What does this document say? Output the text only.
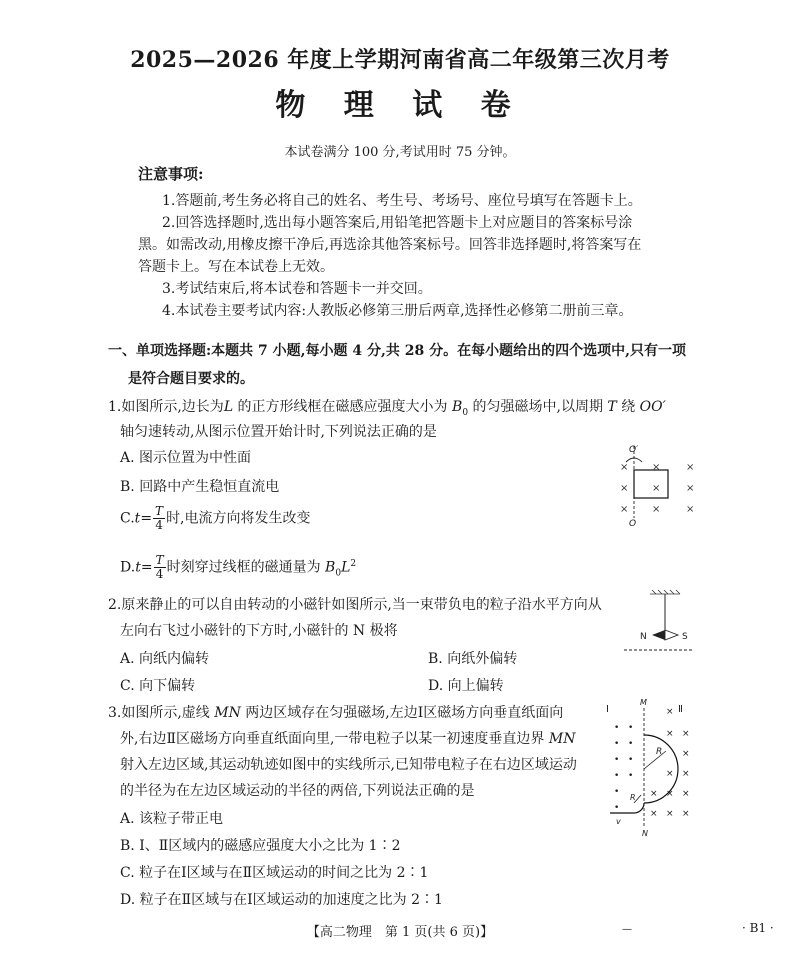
2025—2026 年度上学期河南省高二年级第三次月考
物 理 试 卷
本试卷满分 100 分,考试用时 75 分钟。
注意事项:
1.答题前,考生务必将自己的姓名、考生号、考场号、座位号填写在答题卡上。
2.回答选择题时,选出每小题答案后,用铅笔把答题卡上对应题目的答案标号涂
黑。如需改动,用橡皮擦干净后,再选涂其他答案标号。回答非选择题时,将答案写在
答题卡上。写在本试卷上无效。
3.考试结束后,将本试卷和答题卡一并交回。
4.本试卷主要考试内容:人教版必修第三册后两章,选择性必修第二册前三章。
一、单项选择题:本题共 7 小题,每小题 4 分,共 28 分。在每小题给出的四个选项中,只有一项
是符合题目要求的。
1.如图所示,边长为L 的正方形线框在磁感应强度大小为 $B_0$ 的匀强磁场中,以周期 T 绕 OO′
轴匀速转动,从图示位置开始计时,下列说法正确的是
A. 图示位置为中性面
B. 回路中产生稳恒直流电
$C.t= \frac{T}{4}$ 时,电流方向将发生改变
$D.t= \frac{T}{4}$ 时刻穿过线框的磁通量为 $B_0L^2$
×
×
×
×
×
×
×
×
×
O′
O
2.原来静止的可以自由转动的小磁针如图所示,当一束带负电的粒子沿水平方向从
左向右飞过小磁针的下方时,小磁针的 N 极将
A. 向纸内偏转	B. 向纸外偏转
C. 向下偏转	D. 向上偏转
N	S
3.如图所示,虚线 MN 两边区域存在匀强磁场,左边Ⅰ区磁场方向垂直纸面向
外,右边Ⅱ区磁场方向垂直纸面向里,一带电粒子以某一初速度垂直边界 MN
射入左边区域,其运动轨迹如图中的实线所示,已知带电粒子在右边区域运动
的半径为在左边区域运动的半径的两倍,下列说法正确的是
A. 该粒子带正电
B. Ⅰ、Ⅱ区域内的磁感应强度大小之比为 1∶2
C. 粒子在Ⅰ区域与在Ⅱ区域运动的时间之比为 2∶1
D. 粒子在Ⅱ区域与在Ⅰ区域运动的加速度之比为 2∶1
Ⅰ	Ⅱ
M
N
• •
• •
• •
• •
•
•
×
× ×
×
× ×
× × ×
× × ×
R
R
v
【高二物理　第 1 页(共 6 页)】	—	· B1 ·
